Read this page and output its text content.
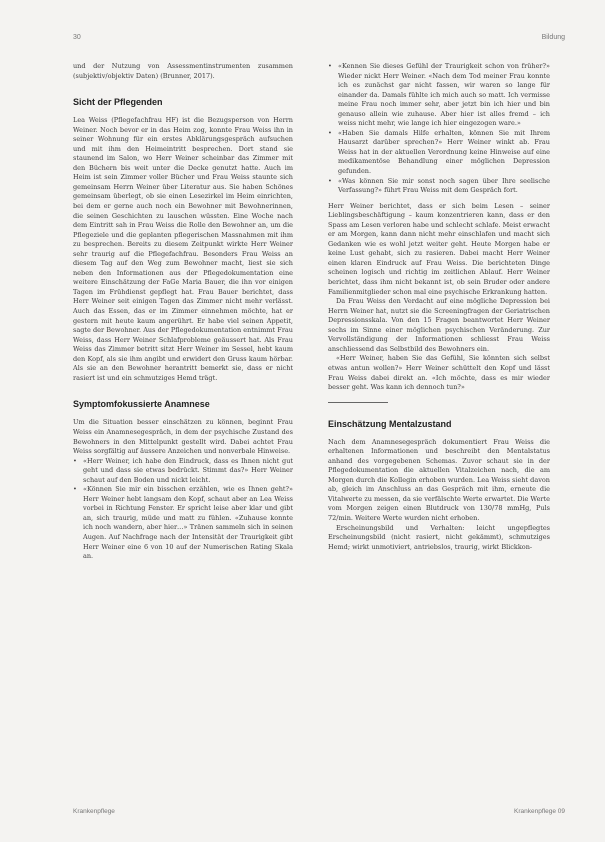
30	Bildung

und der Nutzung von Assessmentinstrumenten zusammen (subjektiv/objektiv Daten) (Brunner, 2017).

Sicht der Pflegenden

Lea Weiss (Pflegefachfrau HF) ist die Bezugsperson von Herrn Weiner. Noch bevor er in das Heim zog, konnte Frau Weiss ihn in seiner Wohnung für ein erstes Abklärungsgespräch aufsuchen und mit ihm den Heimeintritt besprechen. Dort stand sie staunend im Salon, wo Herr Weiner scheinbar das Zimmer mit den Büchern bis weit unter die Decke genutzt hatte. Auch im Heim ist sein Zimmer voller Bücher und Frau Weiss staunte sich gemeinsam Herrn Weiner über Literatur aus. Sie haben Schönes gemeinsam überlegt, ob sie einen Lesezirkel im Heim einrichten, bei dem er gerne auch noch ein Bewohner mit Bewohnerinnen, die seinen Geschichten zu lauschen wüssten. Eine Woche nach dem Eintritt sah in Frau Weiss die Rolle den Bewohner an, um die Pflegeziele und die geplanten pflegerischen Massnahmen mit ihm zu besprechen. Bereits zu diesem Zeitpunkt wirkte Herr Weiner sehr traurig auf die Pflegefachfrau. Besonders Frau Weiss an diesem Tag auf den Weg zum Bewohner macht, liest sie sich neben den Informationen aus der Pflegedokumentation eine weitere Einschätzung der FaGe Maria Bauer, die ihn vor einigen Tagen im Frühdienst gepflegt hat. Frau Bauer berichtet, dass Herr Weiner seit einigen Tagen das Zimmer nicht mehr verlässt. Auch das Essen, das er im Zimmer einnehmen möchte, hat er gestern mit heute kaum angerührt. Er habe viel seinen Appetit, sagte der Bewohner. Aus der Pflegedokumentation entnimmt Frau Weiss, dass Herr Weiner Schlafprobleme geäussert hat. Als Frau Weiss das Zimmer betritt sitzt Herr Weiner im Sessel, hebt kaum den Kopf, als sie ihm angibt und erwidert den Gruss kaum hörbar. Als sie an den Bewohner herantritt bemerkt sie, dass er nicht rasiert ist und ein schmutziges Hemd trägt.

Symptomfokussierte Anamnese

Um die Situation besser einschätzen zu können, beginnt Frau Weiss ein Anamnesegespräch, in dem der psychische Zustand des Bewohners in den Mittelpunkt gestellt wird. Dabei achtet Frau Weiss sorgfältig auf äussere Anzeichen und nonverbale Hinweise.

• «Herr Weiner, ich habe den Eindruck, dass es Ihnen nicht gut geht und dass sie etwas bedrückt. Stimmt das?» Herr Weiner schaut auf den Boden und nickt leicht.
• «Können Sie mir ein bisschen erzählen, wie es Ihnen geht?» Herr Weiner hebt langsam den Kopf, schaut aber an Lea Weiss vorbei in Richtung Fenster. Er spricht leise aber klar und gibt an, sich traurig, müde und matt zu fühlen. «Zuhause konnte ich noch wandern, aber hier…» Tränen sammeln sich in seinen Augen. Auf Nachfrage nach der Intensität der Traurigkeit gibt Herr Weiner eine 6 von 10 auf der Numerischen Rating Skala an.
• «Kennen Sie dieses Gefühl der Traurigkeit schon von früher?» Wieder nickt Herr Weiner. «Nach dem Tod meiner Frau konnte ich es zunächst gar nicht fassen, wir waren so lange für einander da. Damals fühlte ich mich auch so matt. Ich vermisse meine Frau noch immer sehr, aber jetzt bin ich hier und bin genauso allein wie zuhause. Aber hier ist alles fremd – ich weiss nicht mehr, wie lange ich hier eingezogen ware.»
• «Haben Sie damals Hilfe erhalten, können Sie mit Ihrem Hausarzt darüber sprechen?» Herr Weiner winkt ab. Frau Weiss hat in der aktuellen Verordnung keine Hinweise auf eine medikamentöse Behandlung einer möglichen Depression gefunden.
• «Was können Sie mir sonst noch sagen über Ihre seelische Verfassung?» führt Frau Weiss mit dem Gespräch fort.

Herr Weiner berichtet, dass er sich beim Lesen – seiner Lieblingsbeschäftigung – kaum konzentrieren kann, dass er den Spass am Lesen verloren habe und schlecht schlafe. Meist erwacht er am Morgen, kann dann nicht mehr einschlafen und macht sich Gedanken wie es wohl jetzt weiter geht. Heute Morgen habe er keine Lust gehabt, sich zu rasieren. Dabei macht Herr Weiner einen klaren Eindruck auf Frau Weiss. Die berichteten Dinge scheinen logisch und richtig im zeitlichen Ablauf. Herr Weiner berichtet, dass ihm nicht bekannt ist, ob sein Bruder oder andere Familienmitglieder schon mal eine psychische Erkrankung hatten.

Da Frau Weiss den Verdacht auf eine mögliche Depression bei Herrn Weiner hat, nutzt sie die Screeningfragen der Geriatrischen Depressionsskala. Von den 15 Fragen beantwortet Herr Weiner sechs im Sinne einer möglichen psychischen Veränderung. Zur Vervollständigung der Informationen schliesst Frau Weiss anschliessend das Selbstbild des Bewohners ein.

«Herr Weiner, haben Sie das Gefühl, Sie könnten sich selbst etwas antun wollen?» Herr Weiner schüttelt den Kopf und lässt Frau Weiss dabei direkt an. «Ich möchte, dass es mir wieder besser geht. Was kann ich dennoch tun?»

Einschätzung Mentalzustand

Nach dem Anamnesegespräch dokumentiert Frau Weiss die erhaltenen Informationen und beschreibt den Mentalstatus anhand des vorgegebenen Schemas. Zuvor schaut sie in der Pflegedokumentation die aktuellen Vitalzeichen nach, die am Morgen durch die Kollegin erhoben wurden. Lea Weiss sieht davon ab, gleich im Anschluss an das Gespräch mit ihm, erneute die Vitalwerte zu messen, da sie verfälschte Werte erwartet. Die Werte vom Morgen zeigen einen Blutdruck von 130/78 mmHg, Puls 72/min. Weitere Werte wurden nicht erhoben.

Erscheinungsbild und Verhalten: leicht ungepflegtes Erscheinungsbild (nicht rasiert, nicht gekämmt), schmutziges Hemd; wirkt unmotiviert, antriebslos, traurig, wirkt Blickkon-

Krankenpflege	Krankenpflege 09
